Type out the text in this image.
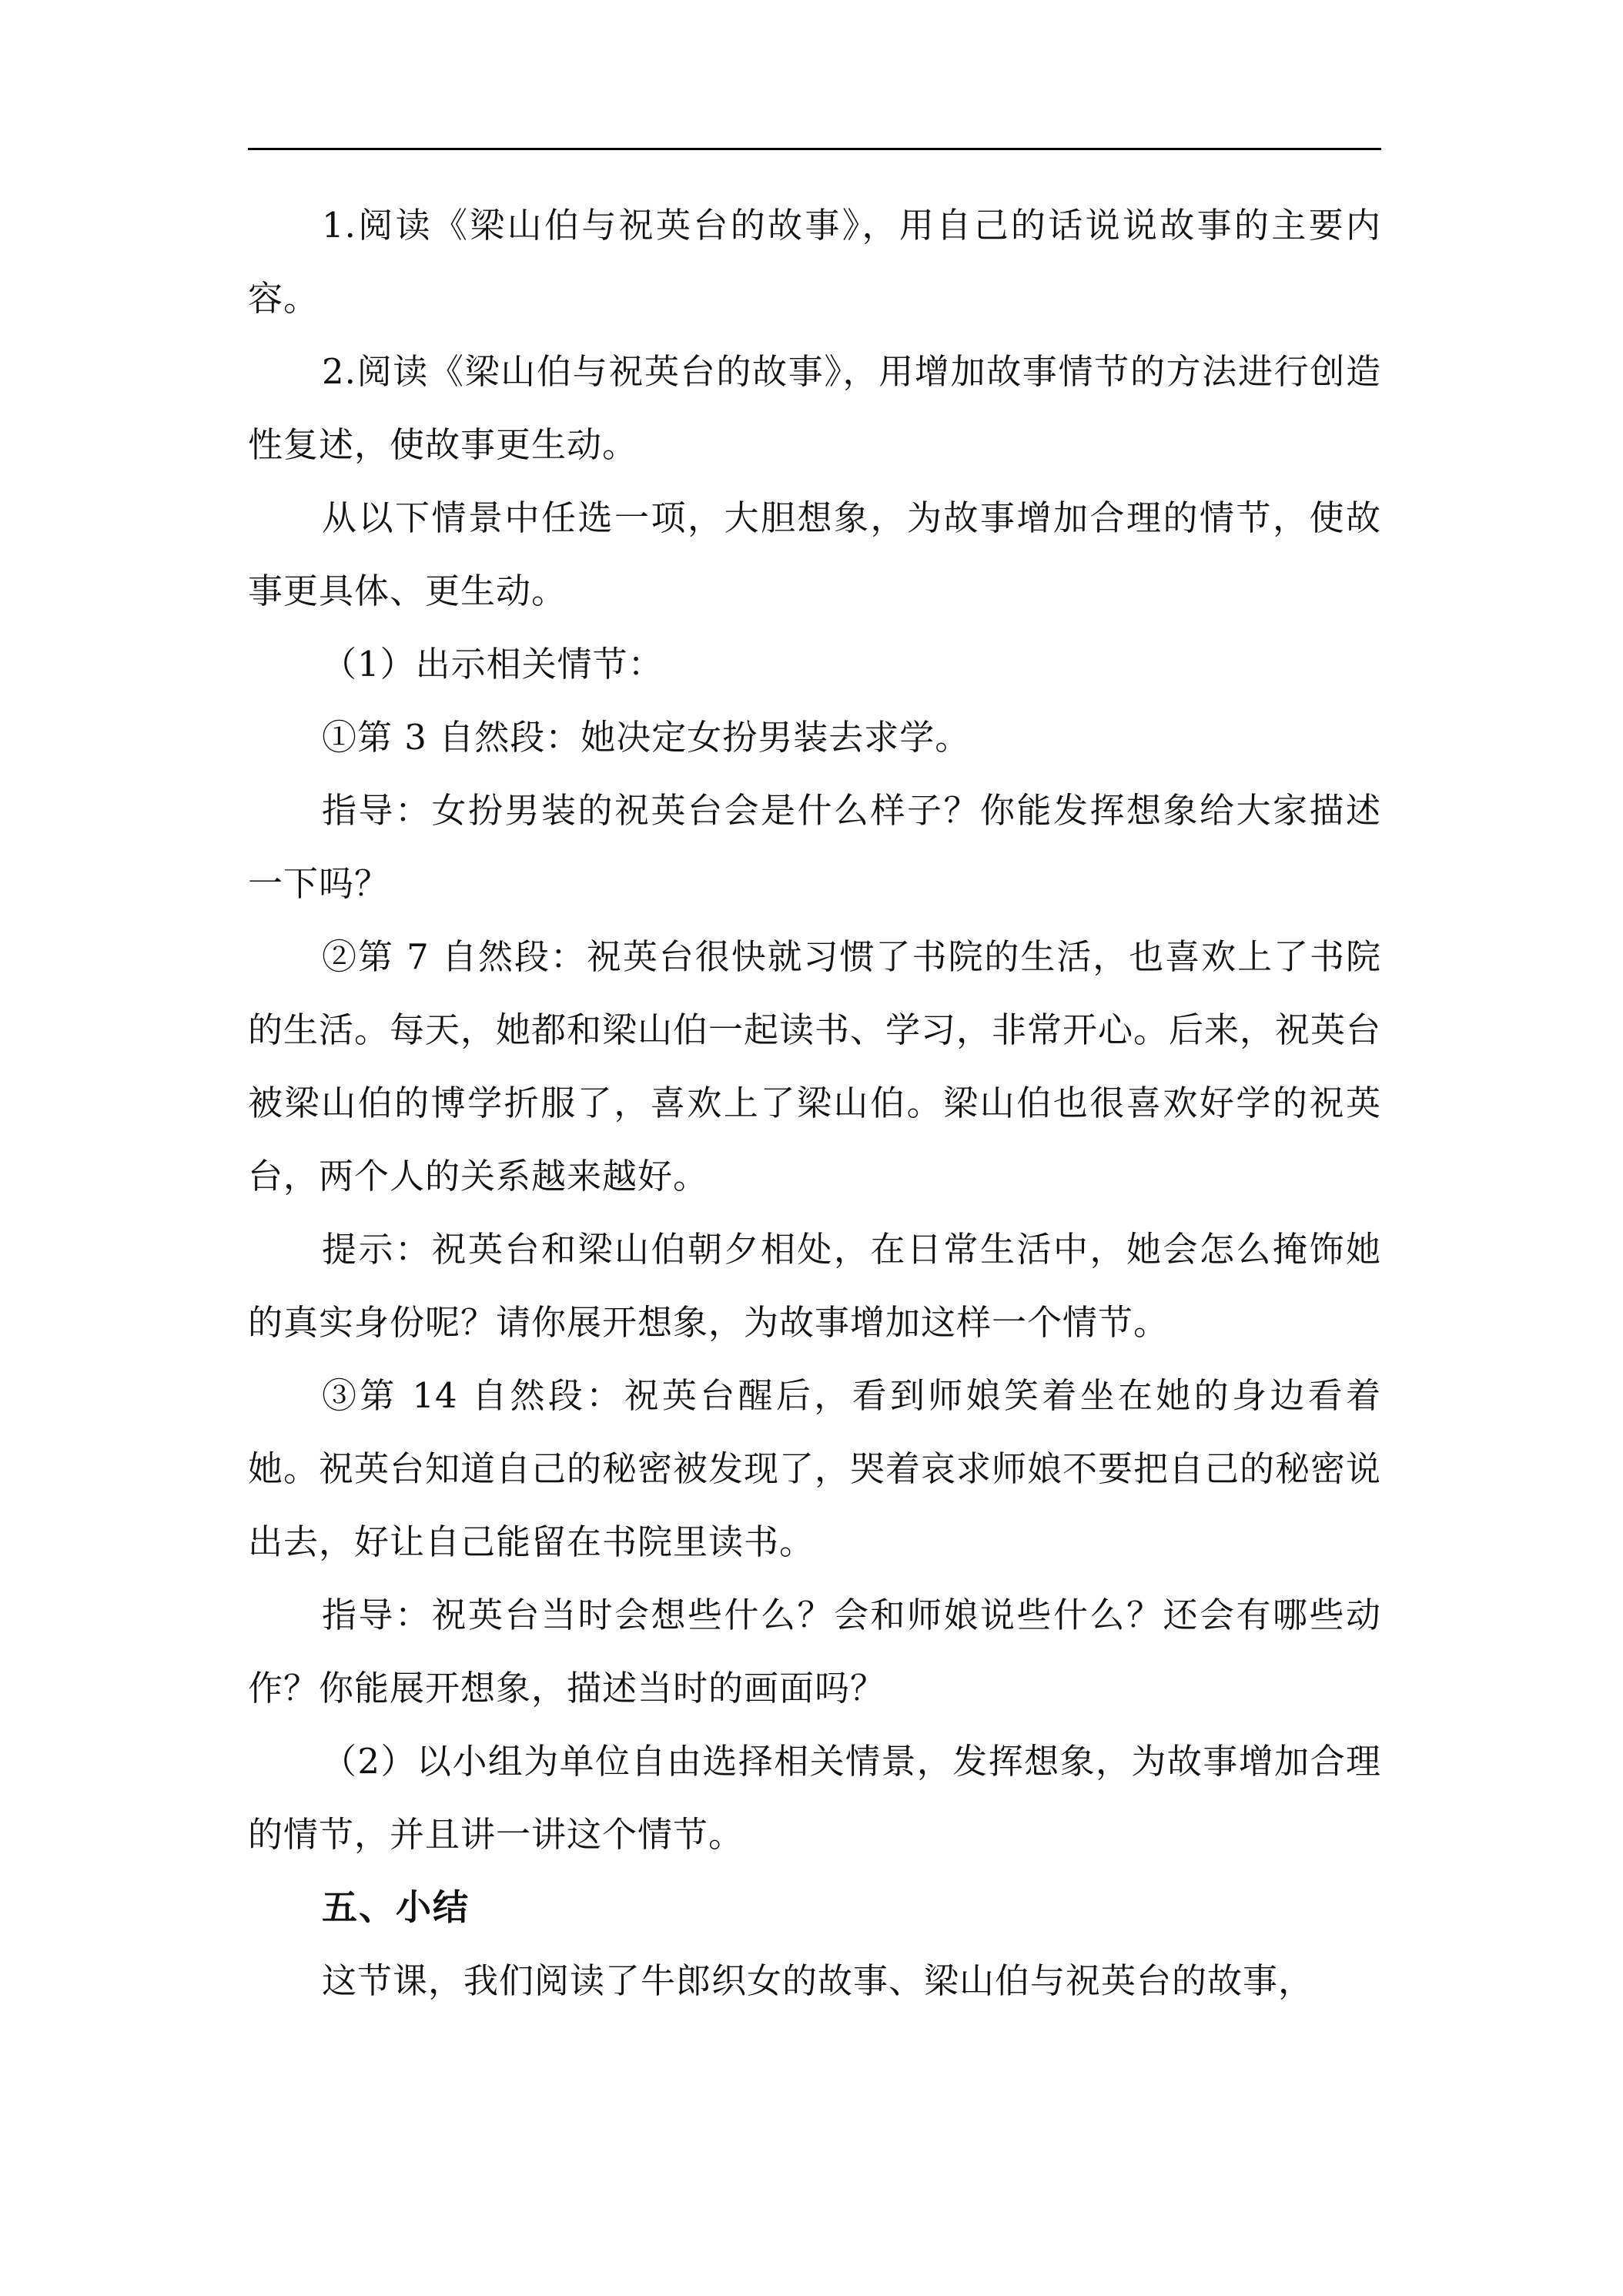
1.阅读《梁山伯与祝英台的故事》，用自己的话说说故事的主要内容。

2.阅读《梁山伯与祝英台的故事》，用增加故事情节的方法进行创造性复述，使故事更生动。

从以下情景中任选一项，大胆想象，为故事增加合理的情节，使故事更具体、更生动。

（1）出示相关情节：

①第 3 自然段：她决定女扮男装去求学。

指导：女扮男装的祝英台会是什么样子？你能发挥想象给大家描述一下吗？

②第 7 自然段：祝英台很快就习惯了书院的生活，也喜欢上了书院的生活。每天，她都和梁山伯一起读书、学习，非常开心。后来，祝英台被梁山伯的博学折服了，喜欢上了梁山伯。梁山伯也很喜欢好学的祝英台，两个人的关系越来越好。

提示：祝英台和梁山伯朝夕相处，在日常生活中，她会怎么掩饰她的真实身份呢？请你展开想象，为故事增加这样一个情节。

③第 14 自然段：祝英台醒后，看到师娘笑着坐在她的身边看着她。祝英台知道自己的秘密被发现了，哭着哀求师娘不要把自己的秘密说出去，好让自己能留在书院里读书。

指导：祝英台当时会想些什么？会和师娘说些什么？还会有哪些动作？你能展开想象，描述当时的画面吗？

（2）以小组为单位自由选择相关情景，发挥想象，为故事增加合理的情节，并且讲一讲这个情节。

五、小结

这节课，我们阅读了牛郎织女的故事、梁山伯与祝英台的故事，
